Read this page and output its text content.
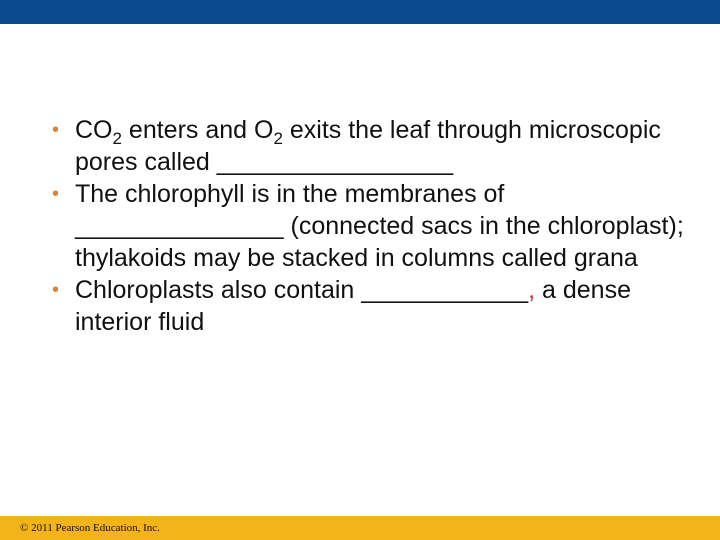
• $CO_2$ enters and $O_2$ exits the leaf through microscopic pores called _________________
• The chlorophyll is in the membranes of _______________ (connected sacs in the chloroplast); thylakoids may be stacked in columns called grana
• Chloroplasts also contain ____________, a dense interior fluid
© 2011 Pearson Education, Inc.
